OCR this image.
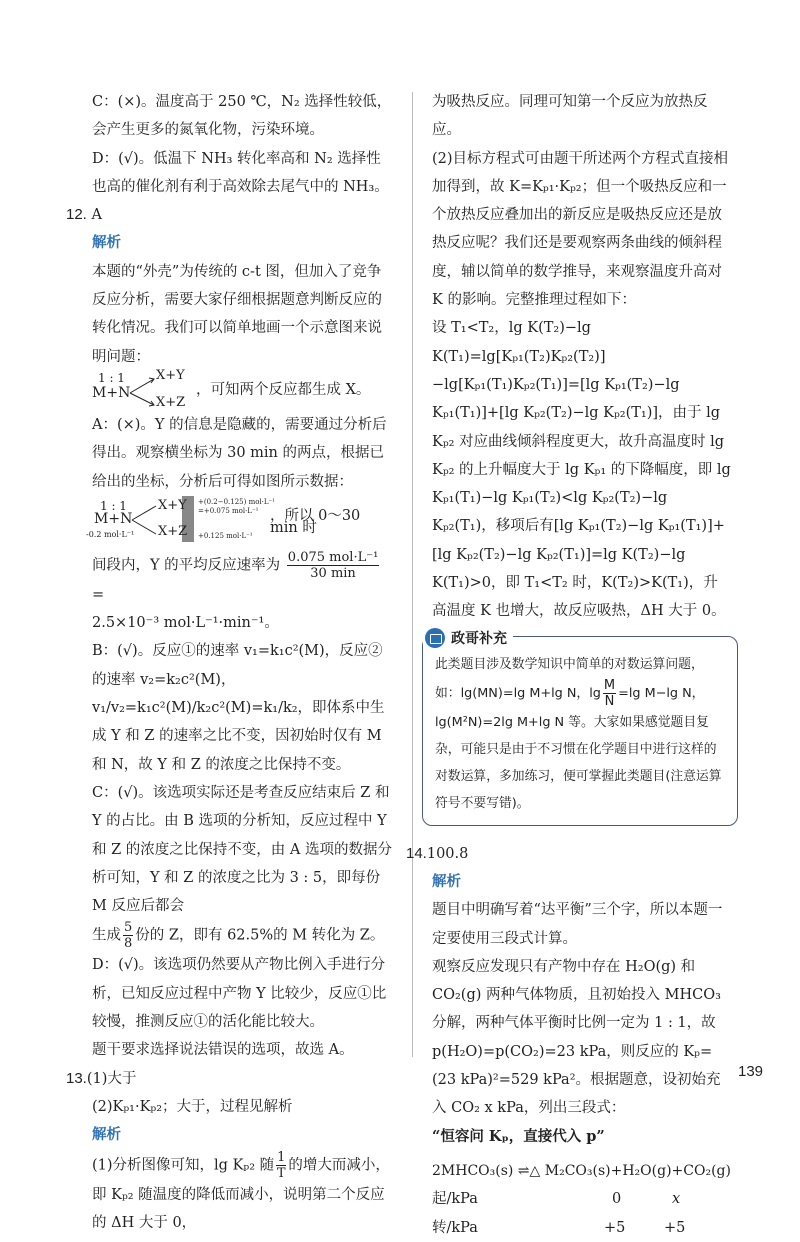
C：(×)。温度高于 250 ℃，N₂ 选择性较低，会产生更多的氮氧化物，污染环境。

D：(√)。低温下 NH₃ 转化率高和 N₂ 选择性也高的催化剂有利于高效除去尾气中的 NH₃。

12. A

解析

本题的“外壳”为传统的 c-t 图，但加入了竞争反应分析，需要大家仔细根据题意判断反应的转化情况。我们可以简单地画一个示意图来说明问题：

1 : 1
M+N
X+Y
X+Z
，可知两个反应都生成 X。

A：(×)。Y 的信息是隐藏的，需要通过分析后得出。观察横坐标为 30 min 的两点，根据已给出的坐标，分析后可得如图所示数据：

1 : 1
M+N
-0.2 mol·L⁻¹
X+Y
X+Z
+(0.2−0.125) mol·L⁻¹
=+0.075 mol·L⁻¹
+0.125 mol·L⁻¹
，所以 0～30 min 时

间段内，Y 的平均反应速率为 $\frac{\text{0.075 mol·L⁻¹}}{30 \min}$
=

2.5×10⁻³ mol·L⁻¹·min⁻¹。

B：(√)。反应①的速率 v₁=k₁c²(M)，反应②的速率 v₂=k₂c²(M)，v₁/v₂=k₁c²(M)/k₂c²(M)=k₁/k₂，即体系中生成 Y 和 Z 的速率之比不变，因初始时仅有 M 和 N，故 Y 和 Z 的浓度之比保持不变。

C：(√)。该选项实际还是考查反应结束后 Z 和 Y 的占比。由 B 选项的分析知，反应过程中 Y 和 Z 的浓度之比保持不变，由 A 选项的数据分析可知，Y 和 Z 的浓度之比为 3 : 5，即每份 M 反应后都会

生成 $\frac{5}{8}$ 份的 Z，即有 62.5%的 M 转化为 Z。

D：(√)。该选项仍然要从产物比例入手进行分析，已知反应过程中产物 Y 比较少，反应①比较慢，推测反应①的活化能比较大。

题干要求选择说法错误的选项，故选 A。

13.(1)大于

(2)Kₚ₁·Kₚ₂；大于，过程见解析

解析

(1)分析图像可知，lg Kₚ₂ 随 $\frac{1}{T}$ 的增大而减小，即 Kₚ₂ 随温度的降低而减小，说明第二个反应的 ΔH 大于 0，

为吸热反应。同理可知第一个反应为放热反应。

(2)目标方程式可由题干所述两个方程式直接相加得到，故 K=Kₚ₁·Kₚ₂；但一个吸热反应和一个放热反应叠加出的新反应是吸热反应还是放热反应呢？我们还是要观察两条曲线的倾斜程度，辅以简单的数学推导，来观察温度升高对 K 的影响。完整推理过程如下：

设 T₁<T₂，lg K(T₂)−lg K(T₁)=lg[Kₚ₁(T₂)Kₚ₂(T₂)]−lg[Kₚ₁(T₁)Kₚ₂(T₁)]=[lg Kₚ₁(T₂)−lg Kₚ₁(T₁)]+[lg Kₚ₂(T₂)−lg Kₚ₂(T₁)]，由于 lg Kₚ₂ 对应曲线倾斜程度更大，故升高温度时 lg Kₚ₂ 的上升幅度大于 lg Kₚ₁ 的下降幅度，即 lg Kₚ₁(T₁)−lg Kₚ₁(T₂)<lg Kₚ₂(T₂)−lg Kₚ₂(T₁)，移项后有[lg Kₚ₁(T₂)−lg Kₚ₁(T₁)]+[lg Kₚ₂(T₂)−lg Kₚ₂(T₁)]=lg K(T₂)−lg K(T₁)>0，即 T₁<T₂ 时，K(T₂)>K(T₁)，升高温度 K 也增大，故反应吸热，ΔH 大于 0。

政哥补充
此类题目涉及数学知识中简单的对数运算问题，如：lg(MN)=lg M+lg N，$\lg \frac{M}{N} =\lg$ M−lg N，lg(M²N)=2lg M+lg N 等。大家如果感觉题目复杂，可能只是由于不习惯在化学题目中进行这样的对数运算，多加练习，便可掌握此类题目(注意运算符号不要写错)。

14.100.8

解析

题目中明确写着“达平衡”三个字，所以本题一定要使用三段式计算。

观察反应发现只有产物中存在 H₂O(g) 和 CO₂(g) 两种气体物质，且初始投入 MHCO₃ 分解，两种气体平衡时比例一定为 1 : 1，故 p(H₂O)=p(CO₂)=23 kPa，则反应的 Kₚ=(23 kPa)²=529 kPa²。根据题意，设初始充入 CO₂ x kPa，列出三段式：

“恒容问 Kₚ，直接代入 p”

2MHCO₃(s) ⇌△ M₂CO₃(s)+H₂O(g)+CO₂(g)

起/kPa	0	x
转/kPa	+5	+5
139
